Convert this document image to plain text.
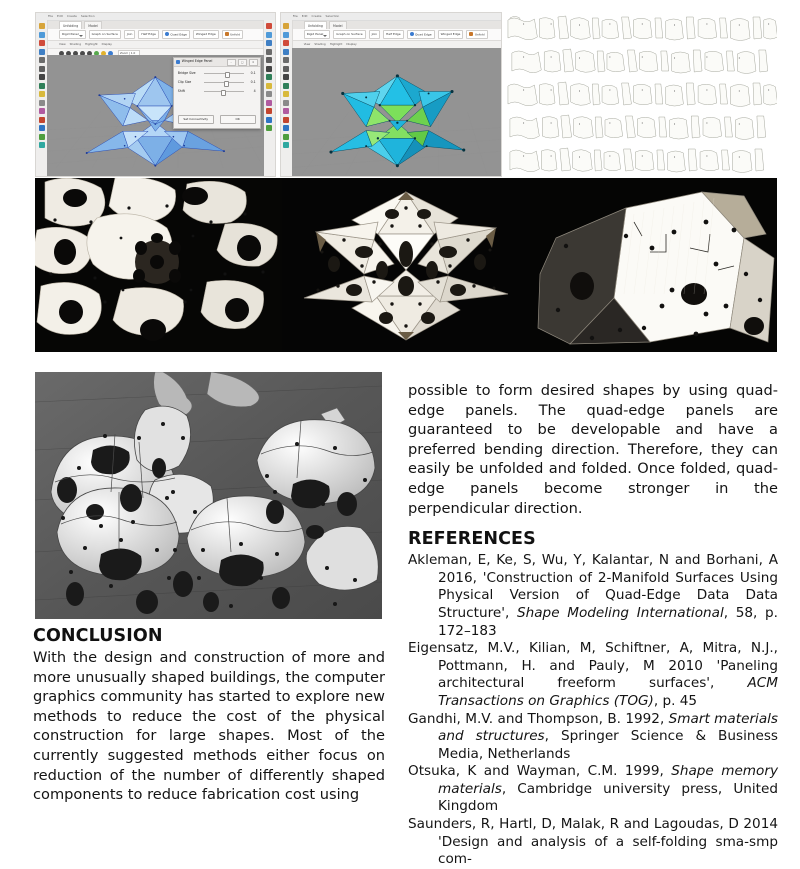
File Edit Create Selection
Unfolding	Model
Rigid Panel	Graph on Surface	Join	Half Edge	Quad Edge	Winged Edge	Unfold
View Shading Highlight Display
Zoom | 1.0
Winged Edge Panel	–	□	✕
Bridge Size	0.1
Clip Size	0.1
Shift	4
Set Connectivity	OK
File Edit Create Selection
Unfolding	Model
Rigid Panel	Graph on Surface	Join	Half Edge	Quad Edge	Winged Edge	Unfold
View Shading Highlight Display
CONCLUSION

With the design and construction of more and more unusually shaped buildings, the computer graphics community has started to explore new methods to reduce the cost of the physical construction for large shapes. Most of the currently suggested methods either focus on reduction of the number of differently shaped components to reduce fabrication cost using

possible to form desired shapes by using quad-edge panels. The quad-edge panels are guaranteed to be developable and have a preferred bending direction. Therefore, they can easily be unfolded and folded. Once folded, quad-edge panels become stronger in the perpendicular direction.

REFERENCES

Akleman, E, Ke, S, Wu, Y, Kalantar, N and Borhani, A 2016, 'Construction of 2-Manifold Surfaces Using Physical Version of Quad-Edge Data Data Structure', Shape Modeling International, 58, p. 172–183

Eigensatz, M.V., Kilian, M, Schiftner, A, Mitra, N.J., Pottmann, H. and Pauly, M 2010 'Paneling architectural freeform surfaces', ACM Transactions on Graphics (TOG), p. 45

Gandhi, M.V. and Thompson, B. 1992, Smart materials and structures, Springer Science & Business Media, Netherlands

Otsuka, K and Wayman, C.M. 1999, Shape memory materials, Cambridge university press, United Kingdom

Saunders, R, Hartl, D, Malak, R and Lagoudas, D 2014 'Design and analysis of a self-folding sma-smp com-
